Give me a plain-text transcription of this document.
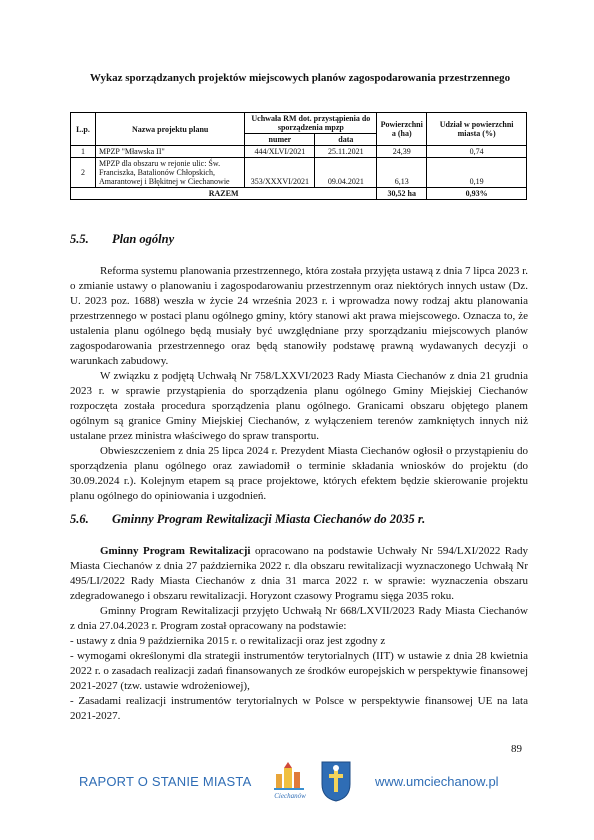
Wykaz sporządzanych projektów miejscowych planów zagospodarowania przestrzennego
L.p.	Nazwa projektu planu	Uchwała RM dot. przystąpienia do sporządzenia mpzp		Powierzchni a (ha)	Udział w powierzchni miasta (%)
		numer	data		
1	MPZP "Mławska II"	444/XLVI/2021	25.11.2021	24,39	0,74
2	MPZP dla obszaru w rejonie ulic: Św. Franciszka, Batalionów Chłopskich, Amarantowej i Błękitnej w Ciechanowie	353/XXXVI/2021	09.04.2021	6,13	0,19
RAZEM				30,52 ha	0,93%
5.5. Plan ogólny

Reforma systemu planowania przestrzennego, która została przyjęta ustawą z dnia 7 lipca 2023 r. o zmianie ustawy o planowaniu i zagospodarowaniu przestrzennym oraz niektórych innych ustaw (Dz. U. 2023 poz. 1688) weszła w życie 24 września 2023 r. i wprowadza nowy rodzaj aktu planowania przestrzennego w postaci planu ogólnego gminy, który stanowi akt prawa miejscowego. Oznacza to, że ustalenia planu ogólnego będą musiały być uwzględniane przy sporządzaniu miejscowych planów zagospodarowania przestrzennego oraz będą stanowiły podstawę prawną wydawanych decyzji o warunkach zabudowy.

W związku z podjętą Uchwałą Nr 758/LXXVI/2023 Rady Miasta Ciechanów z dnia 21 grudnia 2023 r. w sprawie przystąpienia do sporządzenia planu ogólnego Gminy Miejskiej Ciechanów rozpoczęta została procedura sporządzenia planu ogólnego. Granicami obszaru objętego planem ogólnym są granice Gminy Miejskiej Ciechanów, z wyłączeniem terenów zamkniętych innych niż ustalane przez ministra właściwego do spraw transportu.

Obwieszczeniem z dnia 25 lipca 2024 r. Prezydent Miasta Ciechanów ogłosił o przystąpieniu do sporządzenia planu ogólnego oraz zawiadomił o terminie składania wniosków do projektu (do 30.09.2024 r.). Kolejnym etapem są prace projektowe, których efektem będzie skierowanie projektu planu ogólnego do opiniowania i uzgodnień.

5.6. Gminny Program Rewitalizacji Miasta Ciechanów do 2035 r.

Gminny Program Rewitalizacji opracowano na podstawie Uchwały Nr 594/LXI/2022 Rady Miasta Ciechanów z dnia 27 października 2022 r. dla obszaru rewitalizacji wyznaczonego Uchwałą Nr 495/LI/2022 Rady Miasta Ciechanów z dnia 31 marca 2022 r. w sprawie: wyznaczenia obszaru zdegradowanego i obszaru rewitalizacji. Horyzont czasowy Programu sięga 2035 roku.

Gminny Program Rewitalizacji przyjęto Uchwałą Nr 668/LXVII/2023 Rady Miasta Ciechanów z dnia 27.04.2023 r. Program został opracowany na podstawie:

- ustawy z dnia 9 października 2015 r. o rewitalizacji oraz jest zgodny z

- wymogami określonymi dla strategii instrumentów terytorialnych (IIT) w ustawie z dnia 28 kwietnia 2022 r. o zasadach realizacji zadań finansowanych ze środków europejskich w perspektywie finansowej 2021-2027 (tzw. ustawie wdrożeniowej),

- Zasadami realizacji instrumentów terytorialnych w Polsce w perspektywie finansowej UE na lata 2021-2027.

89
RAPORT O STANIE MIASTA
Ciechanów
www.umciechanow.pl
